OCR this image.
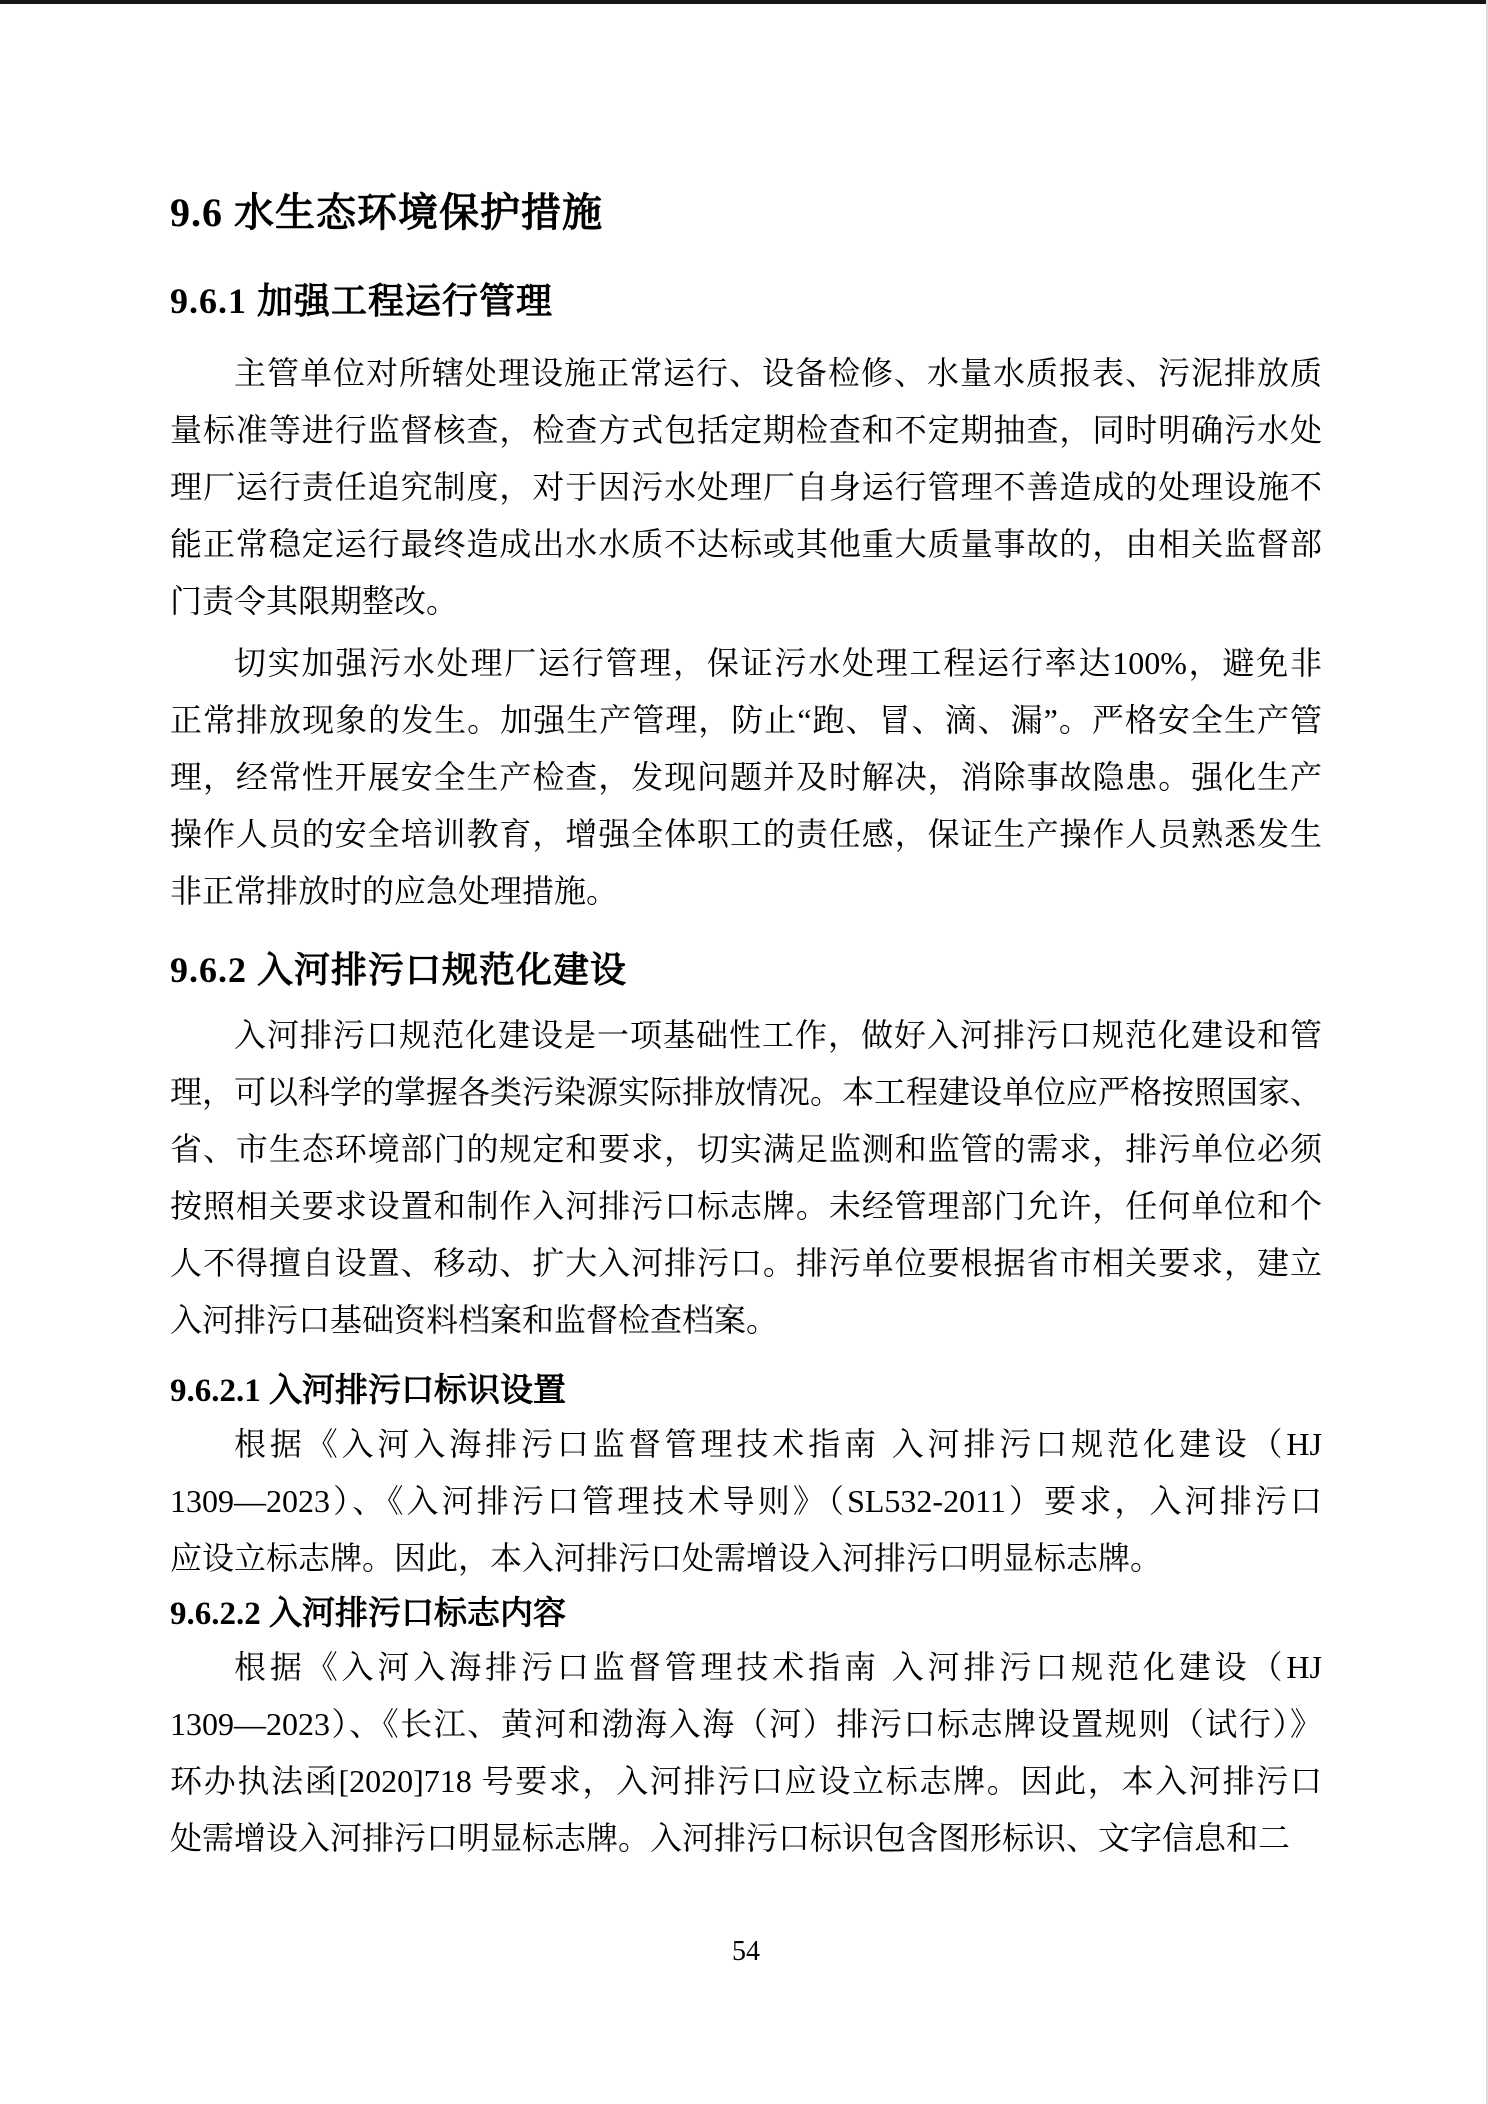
9.6 水生态环境保护措施
9.6.1 加强工程运行管理
主管单位对所辖处理设施正常运行、设备检修、水量水质报表、污泥排放质
量标准等进行监督核查，检查方式包括定期检查和不定期抽查，同时明确污水处
理厂运行责任追究制度，对于因污水处理厂自身运行管理不善造成的处理设施不
能正常稳定运行最终造成出水水质不达标或其他重大质量事故的，由相关监督部
门责令其限期整改。
切实加强污水处理厂运行管理，保证污水处理工程运行率达100%，避免非
正常排放现象的发生。加强生产管理，防止“跑、冒、滴、漏”。严格安全生产管
理，经常性开展安全生产检查，发现问题并及时解决，消除事故隐患。强化生产
操作人员的安全培训教育，增强全体职工的责任感，保证生产操作人员熟悉发生
非正常排放时的应急处理措施。
9.6.2 入河排污口规范化建设
入河排污口规范化建设是一项基础性工作，做好入河排污口规范化建设和管
理，可以科学的掌握各类污染源实际排放情况。本工程建设单位应严格按照国家、
省、市生态环境部门的规定和要求，切实满足监测和监管的需求，排污单位必须
按照相关要求设置和制作入河排污口标志牌。未经管理部门允许，任何单位和个
人不得擅自设置、移动、扩大入河排污口。排污单位要根据省市相关要求，建立
入河排污口基础资料档案和监督检查档案。
9.6.2.1 入河排污口标识设置
根据《入河入海排污口监督管理技术指南 入河排污口规范化建设（HJ
1309—2023）、《入河排污口管理技术导则》（SL532-2011）要求，入河排污口
应设立标志牌。因此，本入河排污口处需增设入河排污口明显标志牌。
9.6.2.2 入河排污口标志内容
根据《入河入海排污口监督管理技术指南 入河排污口规范化建设（HJ
1309—2023）、《长江、黄河和渤海入海（河）排污口标志牌设置规则（试行）》
环办执法函[2020]718 号要求，入河排污口应设立标志牌。因此，本入河排污口
处需增设入河排污口明显标志牌。入河排污口标识包含图形标识、文字信息和二
54
